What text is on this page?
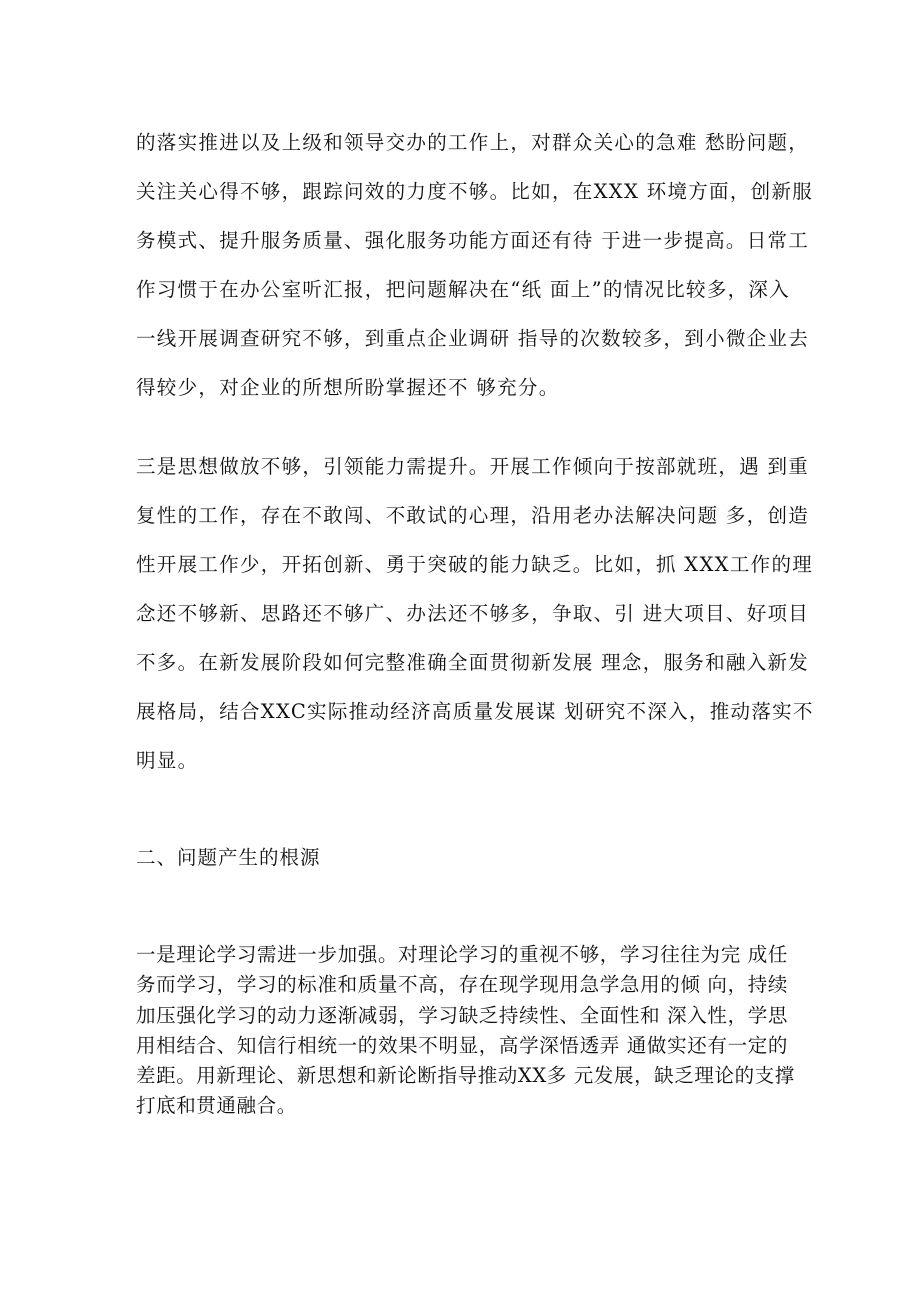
的落实推进以及上级和领导交办的工作上，对群众关心的急难 愁盼问题，
关注关心得不够，跟踪问效的力度不够。比如，在XXX 环境方面，创新服
务模式、提升服务质量、强化服务功能方面还有待 于进一步提高。日常工
作习惯于在办公室听汇报，把问题解决在“纸 面上”的情况比较多，深入
一线开展调查研究不够，到重点企业调研 指导的次数较多，到小微企业去
得较少，对企业的所想所盼掌握还不 够充分。
三是思想做放不够，引领能力需提升。开展工作倾向于按部就班，遇 到重
复性的工作，存在不敢闯、不敢试的心理，沿用老办法解决问题 多，创造
性开展工作少，开拓创新、勇于突破的能力缺乏。比如，抓 XXX工作的理
念还不够新、思路还不够广、办法还不够多，争取、引 进大项目、好项目
不多。在新发展阶段如何完整准确全面贯彻新发展 理念，服务和融入新发
展格局，结合XXC实际推动经济高质量发展谋 划研究不深入，推动落实不
明显。
二、问题产生的根源
一是理论学习需进一步加强。对理论学习的重视不够，学习往往为完 成任
务而学习，学习的标准和质量不高，存在现学现用急学急用的倾 向，持续
加压强化学习的动力逐渐减弱，学习缺乏持续性、全面性和 深入性，学思
用相结合、知信行相统一的效果不明显，高学深悟透弄 通做实还有一定的
差距。用新理论、新思想和新论断指导推动XX多 元发展，缺乏理论的支撑
打底和贯通融合。
